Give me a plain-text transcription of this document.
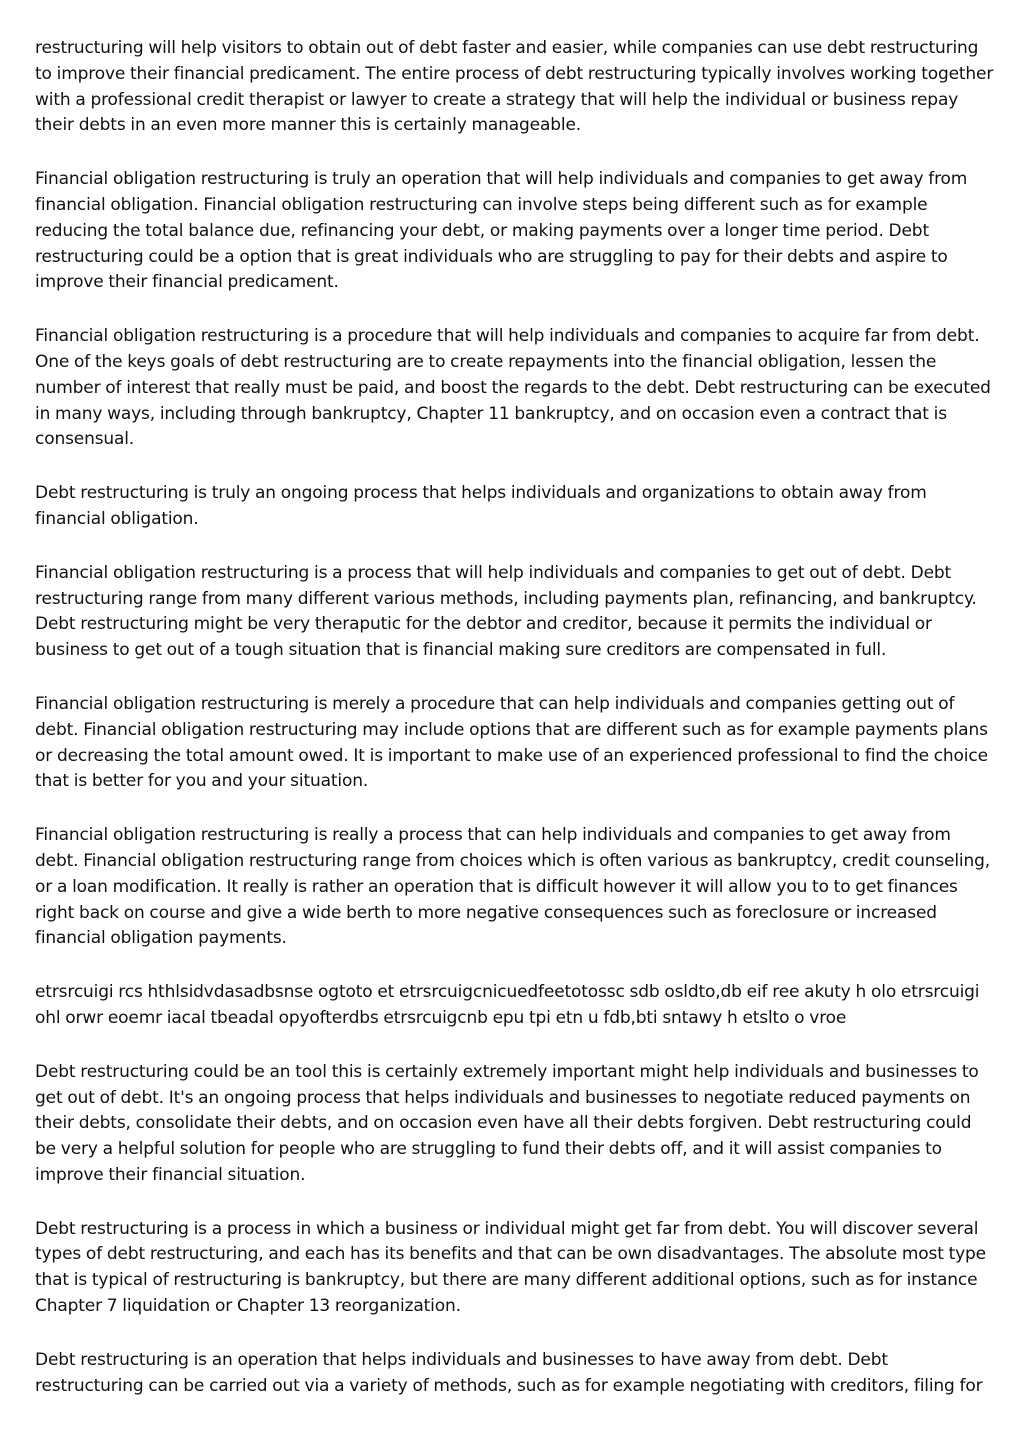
restructuring will help visitors to obtain out of debt faster and easier, while companies can use debt restructuring to improve their financial predicament. The entire process of debt restructuring typically involves working together with a professional credit therapist or lawyer to create a strategy that will help the individual or business repay their debts in an even more manner this is certainly manageable.

Financial obligation restructuring is truly an operation that will help individuals and companies to get away from financial obligation. Financial obligation restructuring can involve steps being different such as for example reducing the total balance due, refinancing your debt, or making payments over a longer time period. Debt restructuring could be a option that is great individuals who are struggling to pay for their debts and aspire to improve their financial predicament.

Financial obligation restructuring is a procedure that will help individuals and companies to acquire far from debt. One of the keys goals of debt restructuring are to create repayments into the financial obligation, lessen the number of interest that really must be paid, and boost the regards to the debt. Debt restructuring can be executed in many ways, including through bankruptcy, Chapter 11 bankruptcy, and on occasion even a contract that is consensual.

Debt restructuring is truly an ongoing process that helps individuals and organizations to obtain away from financial obligation.

Financial obligation restructuring is a process that will help individuals and companies to get out of debt. Debt restructuring range from many different various methods, including payments plan, refinancing, and bankruptcy. Debt restructuring might be very theraputic for the debtor and creditor, because it permits the individual or business to get out of a tough situation that is financial making sure creditors are compensated in full.

Financial obligation restructuring is merely a procedure that can help individuals and companies getting out of debt. Financial obligation restructuring may include options that are different such as for example payments plans or decreasing the total amount owed. It is important to make use of an experienced professional to find the choice that is better for you and your situation.

Financial obligation restructuring is really a process that can help individuals and companies to get away from debt. Financial obligation restructuring range from choices which is often various as bankruptcy, credit counseling, or a loan modification. It really is rather an operation that is difficult however it will allow you to to get finances right back on course and give a wide berth to more negative consequences such as foreclosure or increased financial obligation payments.

etrsrcuigi rcs hthlsidvdasadbsnse ogtoto et etrsrcuigcnicuedfeetotossc sdb osldto,db eif ree akuty h olo etrsrcuigi ohl orwr eoemr iacal tbeadal opyofterdbs etrsrcuigcnb epu tpi etn u fdb,bti sntawy h etslto o vroe

Debt restructuring could be an tool this is certainly extremely important might help individuals and businesses to get out of debt. It's an ongoing process that helps individuals and businesses to negotiate reduced payments on their debts, consolidate their debts, and on occasion even have all their debts forgiven. Debt restructuring could be very a helpful solution for people who are struggling to fund their debts off, and it will assist companies to improve their financial situation.

Debt restructuring is a process in which a business or individual might get far from debt. You will discover several types of debt restructuring, and each has its benefits and that can be own disadvantages. The absolute most type that is typical of restructuring is bankruptcy, but there are many different additional options, such as for instance Chapter 7 liquidation or Chapter 13 reorganization.

Debt restructuring is an operation that helps individuals and businesses to have away from debt. Debt restructuring can be carried out via a variety of methods, such as for example negotiating with creditors, filing for
